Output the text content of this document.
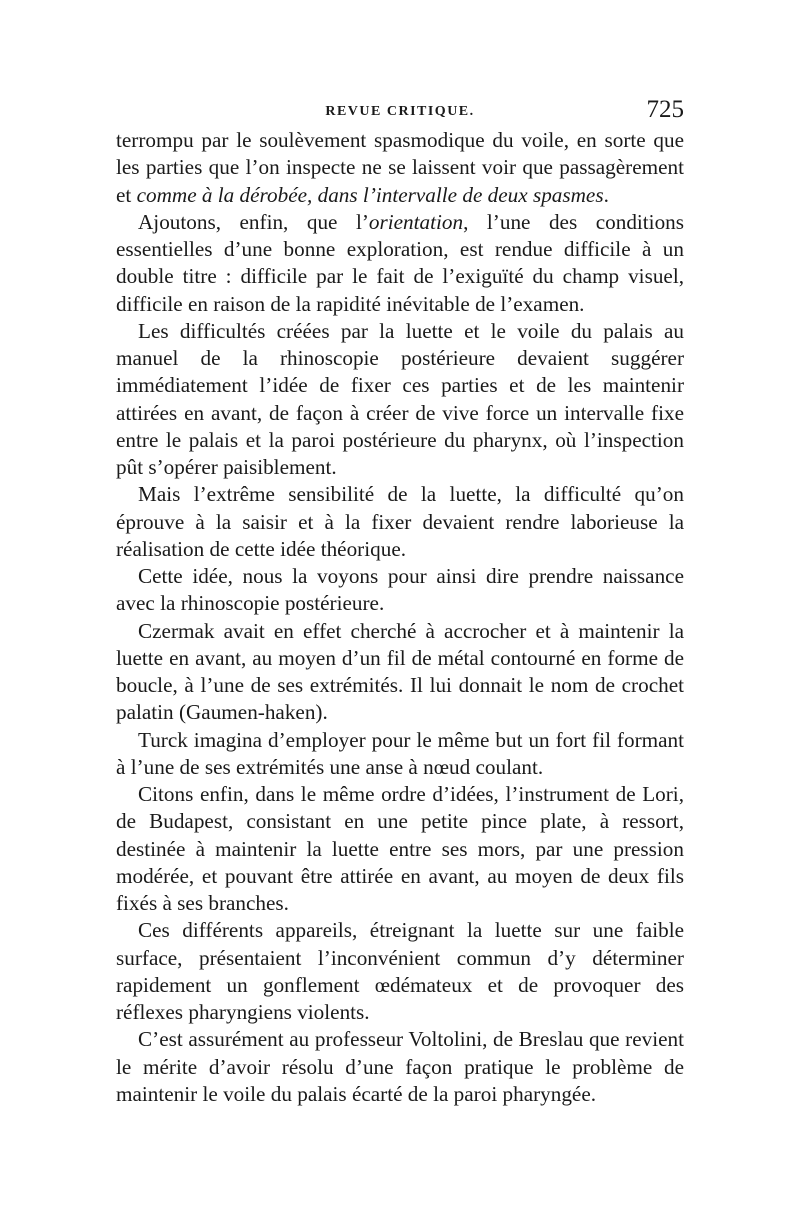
REVUE CRITIQUE.	725

terrompu par le soulèvement spasmodique du voile, en sorte que les parties que l’on inspecte ne se laissent voir que passagèrement et comme à la dérobée, dans l’intervalle de deux spasmes.

Ajoutons, enfin, que l’orientation, l’une des conditions essentielles d’une bonne exploration, est rendue difficile à un double titre : difficile par le fait de l’exiguïté du champ visuel, difficile en raison de la rapidité inévitable de l’examen.

Les difficultés créées par la luette et le voile du palais au manuel de la rhinoscopie postérieure devaient suggérer immédiatement l’idée de fixer ces parties et de les maintenir attirées en avant, de façon à créer de vive force un intervalle fixe entre le palais et la paroi postérieure du pharynx, où l’inspection pût s’opérer paisiblement.

Mais l’extrême sensibilité de la luette, la difficulté qu’on éprouve à la saisir et à la fixer devaient rendre laborieuse la réalisation de cette idée théorique.

Cette idée, nous la voyons pour ainsi dire prendre naissance avec la rhinoscopie postérieure.

Czermak avait en effet cherché à accrocher et à maintenir la luette en avant, au moyen d’un fil de métal contourné en forme de boucle, à l’une de ses extrémités. Il lui donnait le nom de crochet palatin (Gaumen-haken).

Turck imagina d’employer pour le même but un fort fil formant à l’une de ses extrémités une anse à nœud coulant.

Citons enfin, dans le même ordre d’idées, l’instrument de Lori, de Budapest, consistant en une petite pince plate, à ressort, destinée à maintenir la luette entre ses mors, par une pression modérée, et pouvant être attirée en avant, au moyen de deux fils fixés à ses branches.

Ces différents appareils, étreignant la luette sur une faible surface, présentaient l’inconvénient commun d’y déterminer rapidement un gonflement œdémateux et de provoquer des réflexes pharyngiens violents.

C’est assurément au professeur Voltolini, de Breslau que revient le mérite d’avoir résolu d’une façon pratique le problème de maintenir le voile du palais écarté de la paroi pharyngée.
